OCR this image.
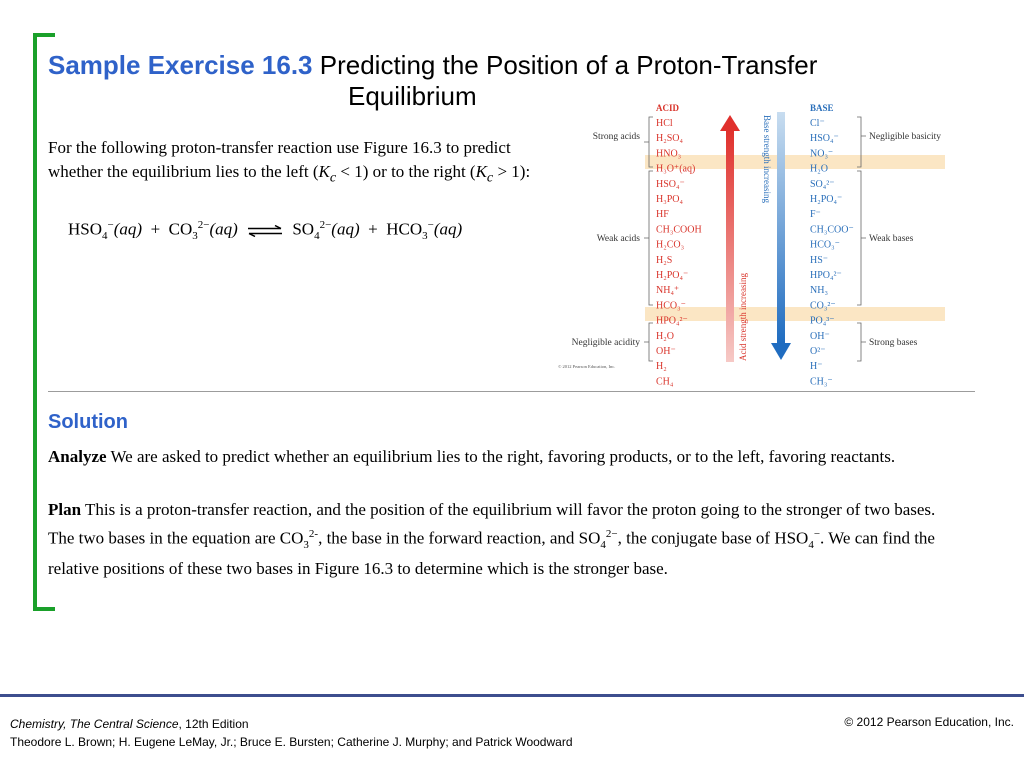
Sample Exercise 16.3 Predicting the Position of a Proton-Transfer
Equilibrium
For the following proton-transfer reaction use Figure 16.3 to predict whether the equilibrium lies to the left $(K_c < 1)$ or to the right $(K_c > 1)$:
$HSO_4^-(aq) + CO_3^{2-}(aq)$ ⇌ $SO_4^{2-}(aq) + HCO_3^-(aq)$
ACID	BASE
HCl
H₂SO₄
HNO₃
H₃O⁺(aq)
HSO₄⁻
H₃PO₄
HF
CH₃COOH
H₂CO₃
H₂S
H₂PO₄⁻
NH₄⁺
HCO₃⁻
HPO₄²⁻
H₂O
OH⁻
H₂
CH₄
Cl⁻
HSO₄⁻
NO₃⁻
H₂O
SO₄²⁻
H₂PO₄⁻
F⁻
CH₃COO⁻
HCO₃⁻
HS⁻
HPO₄²⁻
NH₃
CO₃²⁻
PO₄³⁻
OH⁻
O²⁻
H⁻
CH₃⁻
Strong acids
Weak acids
Negligible acidity
Negligible basicity
Weak bases
Strong bases
Acid strength increasing
Base strength increasing
© 2012 Pearson Education, Inc.
Solution
Analyze We are asked to predict whether an equilibrium lies to the right, favoring products, or to the left, favoring reactants.
Plan This is a proton-transfer reaction, and the position of the equilibrium will favor the proton going to the stronger of two bases. The two bases in the equation are $CO_3^{2-}$, the base in the forward reaction, and $SO_4^{2-}$, the conjugate base of $HSO_4^-$. We can find the relative positions of these two bases in Figure 16.3 to determine which is the stronger base.
Chemistry, The Central Science, 12th Edition
Theodore L. Brown; H. Eugene LeMay, Jr.; Bruce E. Bursten; Catherine J. Murphy; and Patrick Woodward
© 2012 Pearson Education, Inc.
